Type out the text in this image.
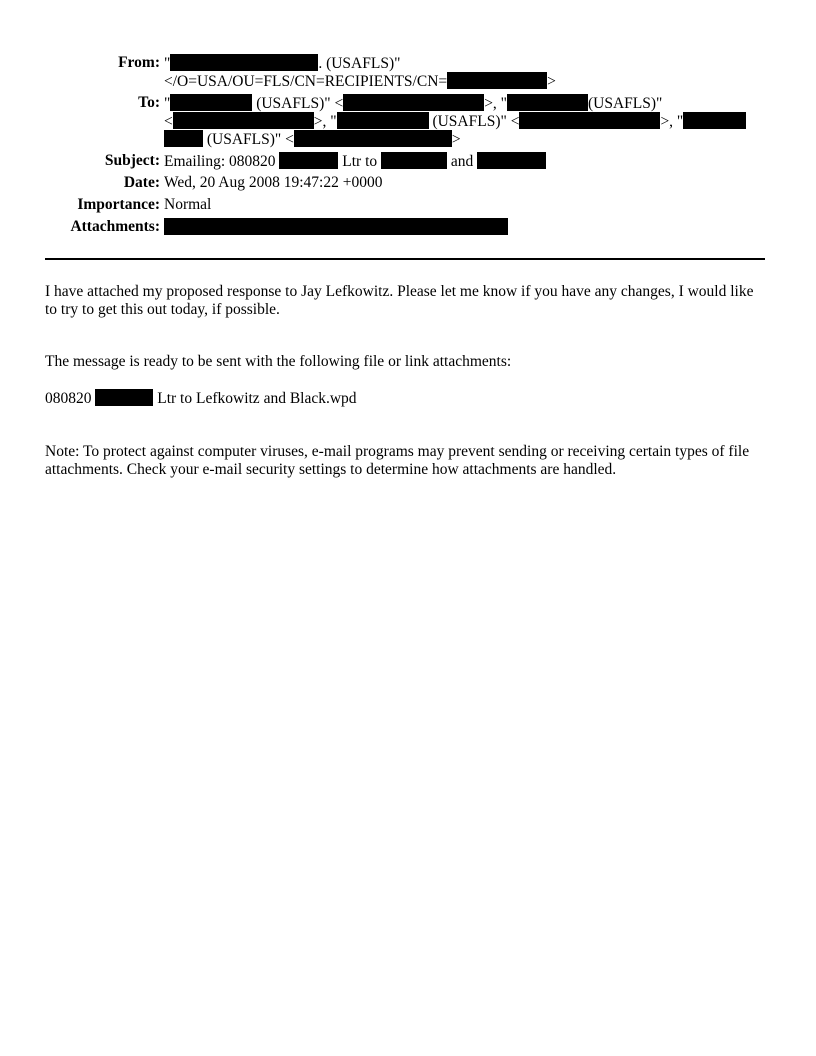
From: "	. (USAFLS)"
</O=USA/OU=FLS/CN=RECIPIENTS/CN=	>
To: "	(USAFLS)" <	>, "	(USAFLS)"
<	>, "	(USAFLS)" <	>, "
(USAFLS)" <	>
Subject: Emailing: 080820	Ltr to	and
Date: Wed, 20 Aug 2008 19:47:22 +0000
Importance: Normal
Attachments:
I have attached my proposed response to Jay Lefkowitz. Please let me know if you have any changes, I would like to try to get this out today, if possible.
The message is ready to be sent with the following file or link attachments:
080820	Ltr to Lefkowitz and Black.wpd
Note: To protect against computer viruses, e-mail programs may prevent sending or receiving certain types of file attachments. Check your e-mail security settings to determine how attachments are handled.
